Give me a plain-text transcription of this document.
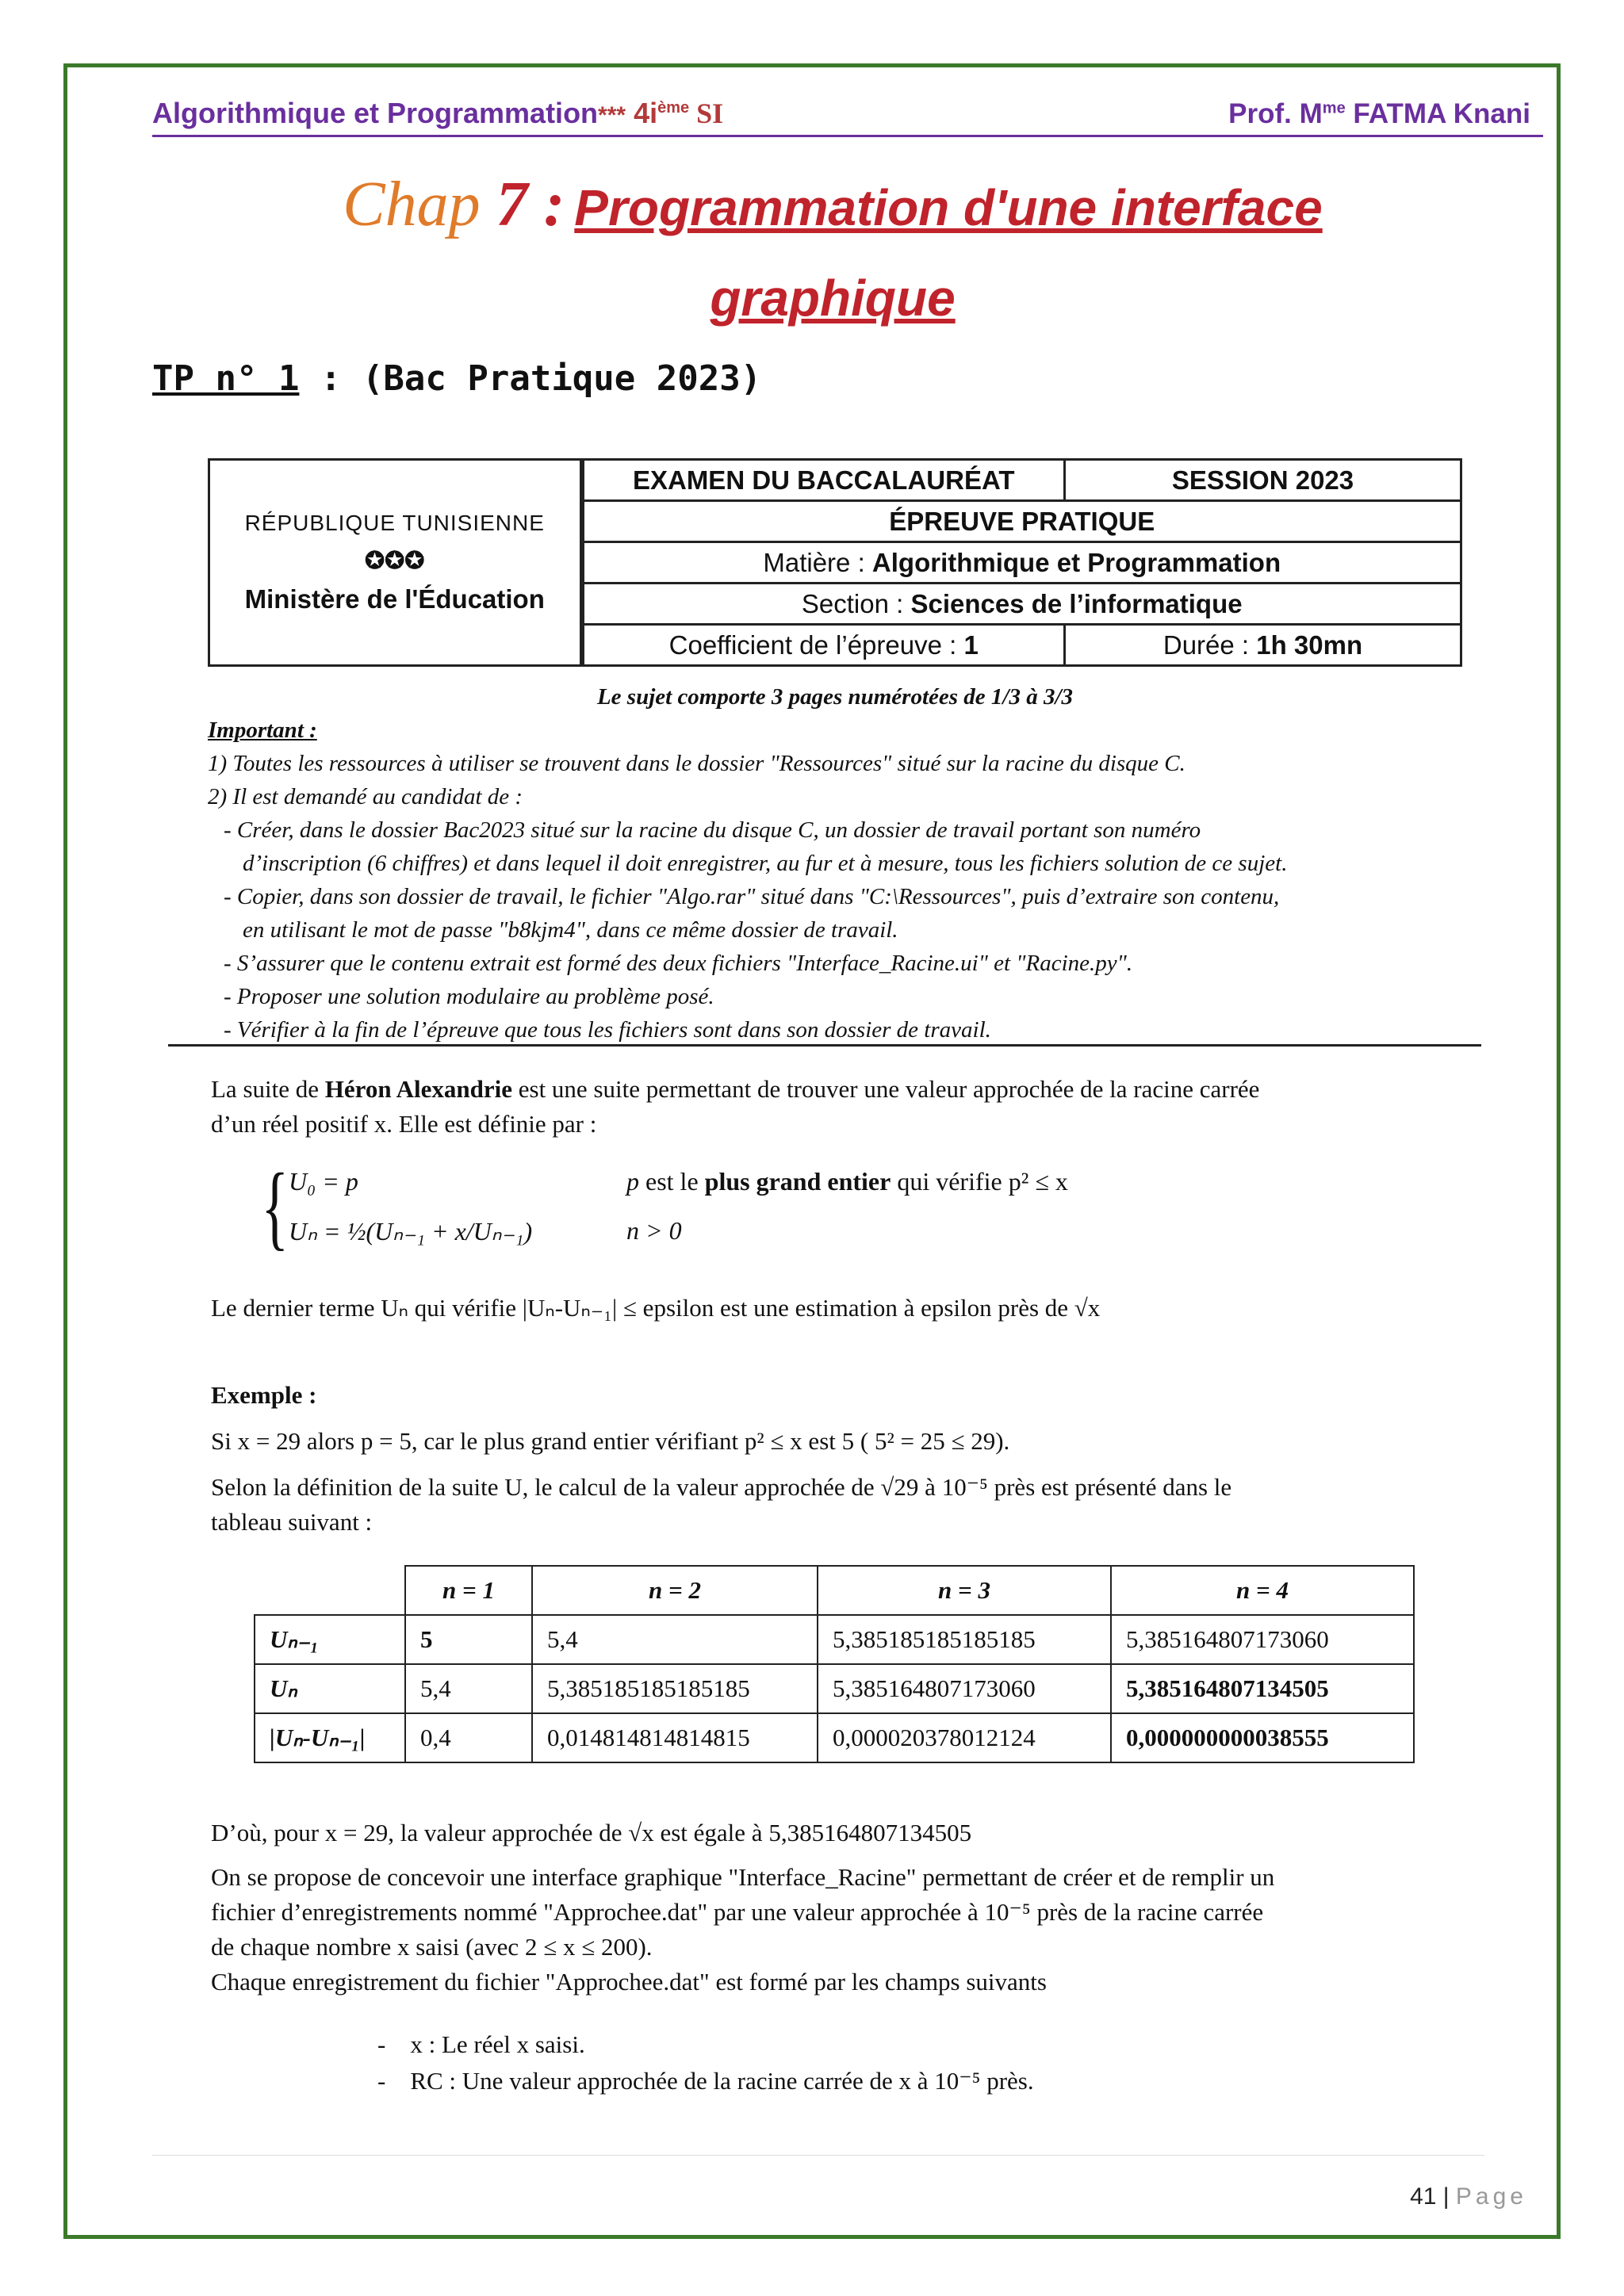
Algorithmique et Programmation*** $4i^{ème}$ SI	Prof. $M^{me}$ FATMA Knani
Chap 7 : Programmation d'une interface
graphique
TP n° 1 : (Bac Pratique 2023)
RÉPUBLIQUE TUNISIENNE
✪✪✪
Ministère de l'Éducation	EXAMEN DU BACCALAURÉAT	SESSION 2023
	ÉPREUVE PRATIQUE	
	Matière : Algorithmique et Programmation	
	Section : Sciences de l’informatique	
	Coefficient de l’épreuve : 1	Durée : 1h 30mn
Le sujet comporte 3 pages numérotées de 1/3 à 3/3
Important :
1) Toutes les ressources à utiliser se trouvent dans le dossier "Ressources" situé sur la racine du disque C.
2) Il est demandé au candidat de :
- Créer, dans le dossier Bac2023 situé sur la racine du disque C, un dossier de travail portant son numéro
d’inscription (6 chiffres) et dans lequel il doit enregistrer, au fur et à mesure, tous les fichiers solution de ce sujet.
- Copier, dans son dossier de travail, le fichier "Algo.rar" situé dans "C:\Ressources", puis d’extraire son contenu,
en utilisant le mot de passe "b8kjm4", dans ce même dossier de travail.
- S’assurer que le contenu extrait est formé des deux fichiers "Interface_Racine.ui" et "Racine.py".
- Proposer une solution modulaire au problème posé.
- Vérifier à la fin de l’épreuve que tous les fichiers sont dans son dossier de travail.
La suite de Héron Alexandrie est une suite permettant de trouver une valeur approchée de la racine carrée
d’un réel positif x. Elle est définie par :
{ U₀ = p
Uₙ = ½(Uₙ₋₁ + x/Uₙ₋₁)
p est le plus grand entier qui vérifie p² ≤ x
n > 0
Le dernier terme Uₙ qui vérifie |Uₙ-Uₙ₋₁| ≤ epsilon est une estimation à epsilon près de √x
Exemple :
Si x = 29 alors p = 5, car le plus grand entier vérifiant p² ≤ x est 5 ( 5² = 25 ≤ 29).
Selon la définition de la suite U, le calcul de la valeur approchée de √29 à 10⁻⁵ près est présenté dans le
tableau suivant :
	n = 1	n = 2	n = 3	n = 4
Uₙ₋₁	5	5,4	5,385185185185185	5,385164807173060
Uₙ	5,4	5,385185185185185	5,385164807173060	5,385164807134505
|Uₙ-Uₙ₋₁|	0,4	0,014814814814815	0,000020378012124	0,000000000038555
D’où, pour x = 29, la valeur approchée de √x est égale à 5,385164807134505
On se propose de concevoir une interface graphique "Interface_Racine" permettant de créer et de remplir un
fichier d’enregistrements nommé "Approchee.dat" par une valeur approchée à 10⁻⁵ près de la racine carrée
de chaque nombre x saisi (avec 2 ≤ x ≤ 200).
Chaque enregistrement du fichier "Approchee.dat" est formé par les champs suivants
-    x : Le réel x saisi.
-    RC : Une valeur approchée de la racine carrée de x à 10⁻⁵ près.
41 | Page
